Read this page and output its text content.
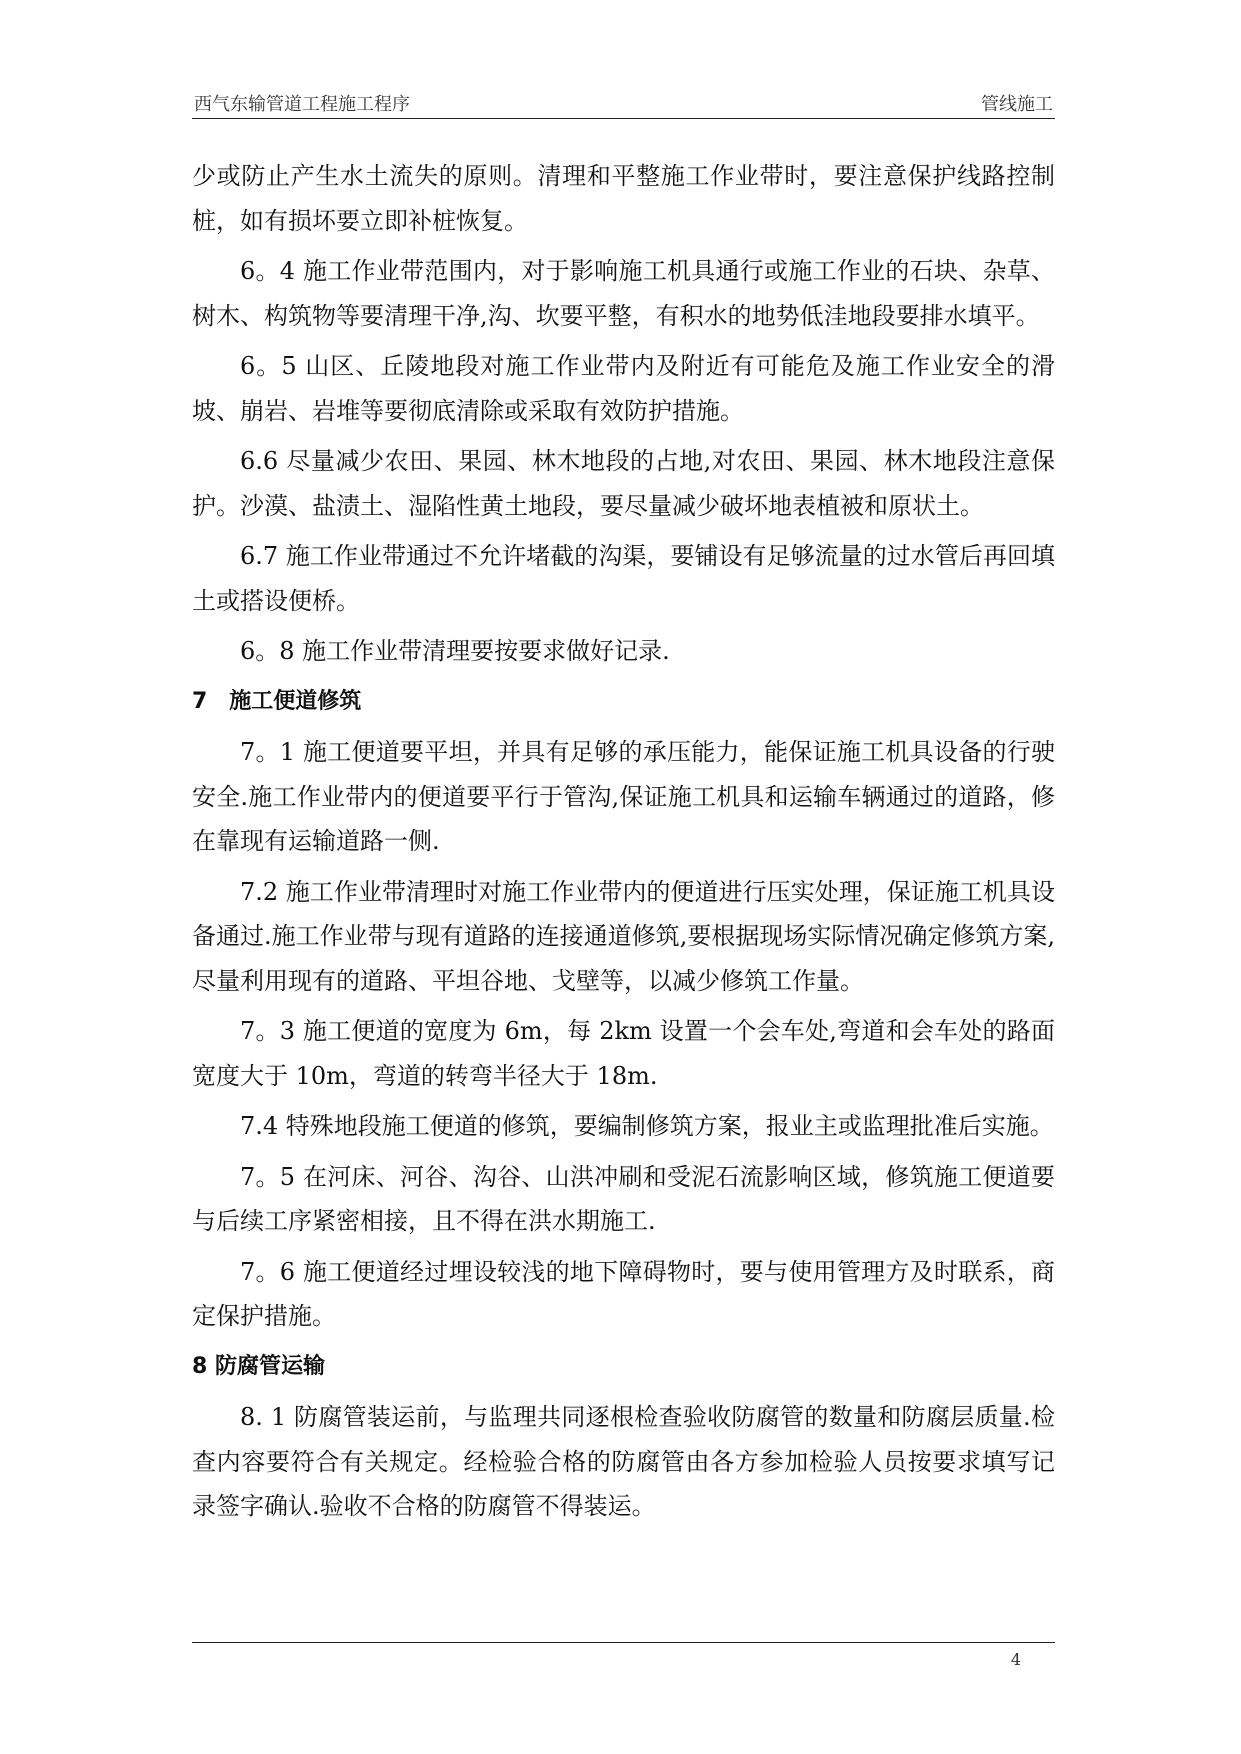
西气东输管道工程施工程序	管线施工

少或防止产生水土流失的原则。清理和平整施工作业带时，要注意保护线路控制桩，如有损坏要立即补桩恢复。

6。4 施工作业带范围内，对于影响施工机具通行或施工作业的石块、杂草、树木、构筑物等要清理干净,沟、坎要平整，有积水的地势低洼地段要排水填平。

6。5 山区、丘陵地段对施工作业带内及附近有可能危及施工作业安全的滑坡、崩岩、岩堆等要彻底清除或采取有效防护措施。

6.6 尽量减少农田、果园、林木地段的占地,对农田、果园、林木地段注意保护。沙漠、盐渍土、湿陷性黄土地段，要尽量减少破坏地表植被和原状土。

6.7 施工作业带通过不允许堵截的沟渠，要铺设有足够流量的过水管后再回填土或搭设便桥。

6。8 施工作业带清理要按要求做好记录.

7　施工便道修筑

7。1 施工便道要平坦，并具有足够的承压能力，能保证施工机具设备的行驶安全.施工作业带内的便道要平行于管沟,保证施工机具和运输车辆通过的道路，修在靠现有运输道路一侧.

7.2 施工作业带清理时对施工作业带内的便道进行压实处理，保证施工机具设备通过.施工作业带与现有道路的连接通道修筑,要根据现场实际情况确定修筑方案,尽量利用现有的道路、平坦谷地、戈壁等，以减少修筑工作量。

7。3 施工便道的宽度为 6m，每 2km 设置一个会车处,弯道和会车处的路面宽度大于 10m，弯道的转弯半径大于 18m.

7.4 特殊地段施工便道的修筑，要编制修筑方案，报业主或监理批准后实施。

7。5 在河床、河谷、沟谷、山洪冲刷和受泥石流影响区域，修筑施工便道要与后续工序紧密相接，且不得在洪水期施工.

7。6 施工便道经过埋设较浅的地下障碍物时，要与使用管理方及时联系，商定保护措施。

8 防腐管运输

8. 1 防腐管装运前，与监理共同逐根检查验收防腐管的数量和防腐层质量.检查内容要符合有关规定。经检验合格的防腐管由各方参加检验人员按要求填写记录签字确认.验收不合格的防腐管不得装运。

4
